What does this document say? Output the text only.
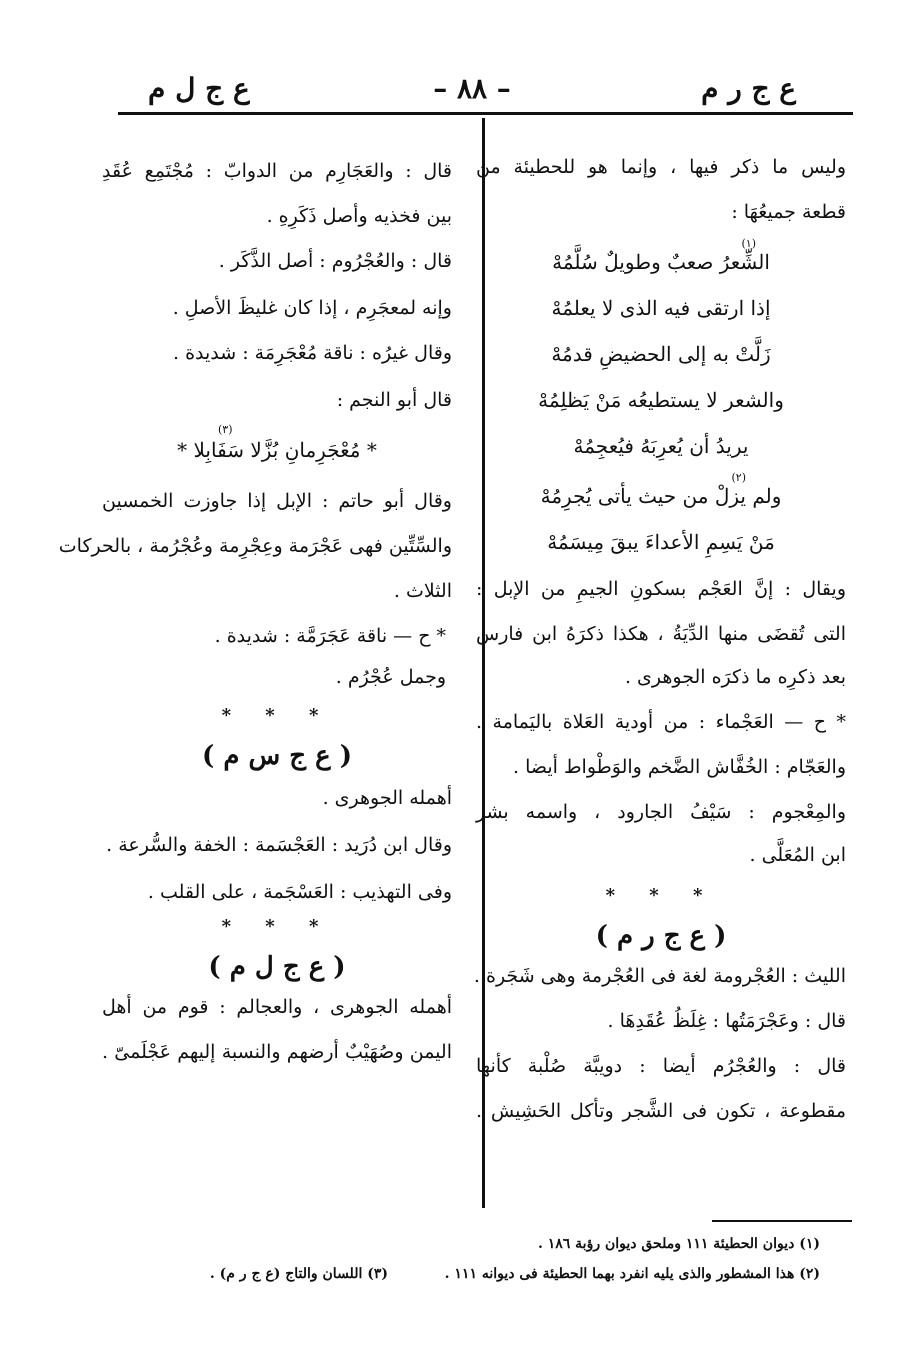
ع ج ر م
– ٨٨ –
ع ج ل م

وليس ما ذكر فيها ، وإنما هو للحطيئة من

قطعة جميعُهَا :

الشِّعرُ صعبٌ وطويلٌ سُلَّمُهْ
(١)

إذا ارتقى فيه الذى لا يعلمُهْ

زَلَّتْ به إلى الحضيضِ قدمُهْ

والشعر لا يستطيعُه مَنْ يَظلِمُهْ

يريدُ أن يُعرِبَهُ فيُعجِمُهْ

ولم يزلْ من حيث يأتى يُجرِمُهْ
(٢)

مَنْ يَسِمِ الأعداءَ يبقَ مِيسَمُهْ

ويقال : إنَّ العَجْم بسكونِ الجيمِ من الإبل :

التى تُقضَى منها الدِّيَةُ ، هكذا ذكرَهُ ابن فارس

بعد ذكرِه ما ذكرَه الجوهرى .

* ح — العَجْماء : من أودية العَلاة باليَمامة .

والعَجّام : الخُفَّاش الضَّخم والوَطْواط أيضا .

والمِعْجوم : سَيْفُ الجارود ، واسمه بشر

ابن المُعَلَّى .

* * *

( ع ج ر م )

الليث : العُجْرومة لغة فى العُجْرمة وهى شَجَرة .

قال : وعَجْرَمَتُها : غِلَظُ عُقَدِهَا .

قال : والعُجْرُم أيضا : دويبَّة صُلْبة كأنها

مقطوعة ، تكون فى الشَّجر وتأكل الحَشِيش .

قال : والعَجَارِم من الدوابّ : مُجْتَمِع عُقَدِ

بين فخذيه وأصل ذَكَرِهِ .

قال : والعُجْرُوم : أصل الذَّكَر .

وإنه لمعجَرِم ، إذا كان غليظَ الأصلِ .

وقال غيرُه : ناقة مُعْجَرِمَة : شديدة .

قال أبو النجم :

* مُعْجَرِمانِ بُزَّلا سَفَابِلا *
(٣)

وقال أبو حاتم : الإبل إذا جاوزت الخمسين

والسِّتِّين فهى عَجْرَمة وعِجْرِمة وعُجْرُمة ، بالحركات

الثلاث .

* ح — ناقة عَجَرَمَّة : شديدة .

وجمل عُجْرُم .

* * *

( ع ج س م )

أهمله الجوهرى .

وقال ابن دُرَيد : العَجْسَمة : الخفة والسُّرعة .

وفى التهذيب : العَسْجَمة ، على القلب .

* * *

( ع ج ل م )

أهمله الجوهرى ، والعجالم : قوم من أهل

اليمن وصُهَيْبٌ أرضهم والنسبة إليهم عَجْلَمىّ .

(١) ديوان الحطيئة ١١١ وملحق ديوان رؤبة ١٨٦ .
(٢) هذا المشطور والذى يليه انفرد بهما الحطيئة فى ديوانه ١١١ .
(٣) اللسان والتاج (ع ج ر م) .
